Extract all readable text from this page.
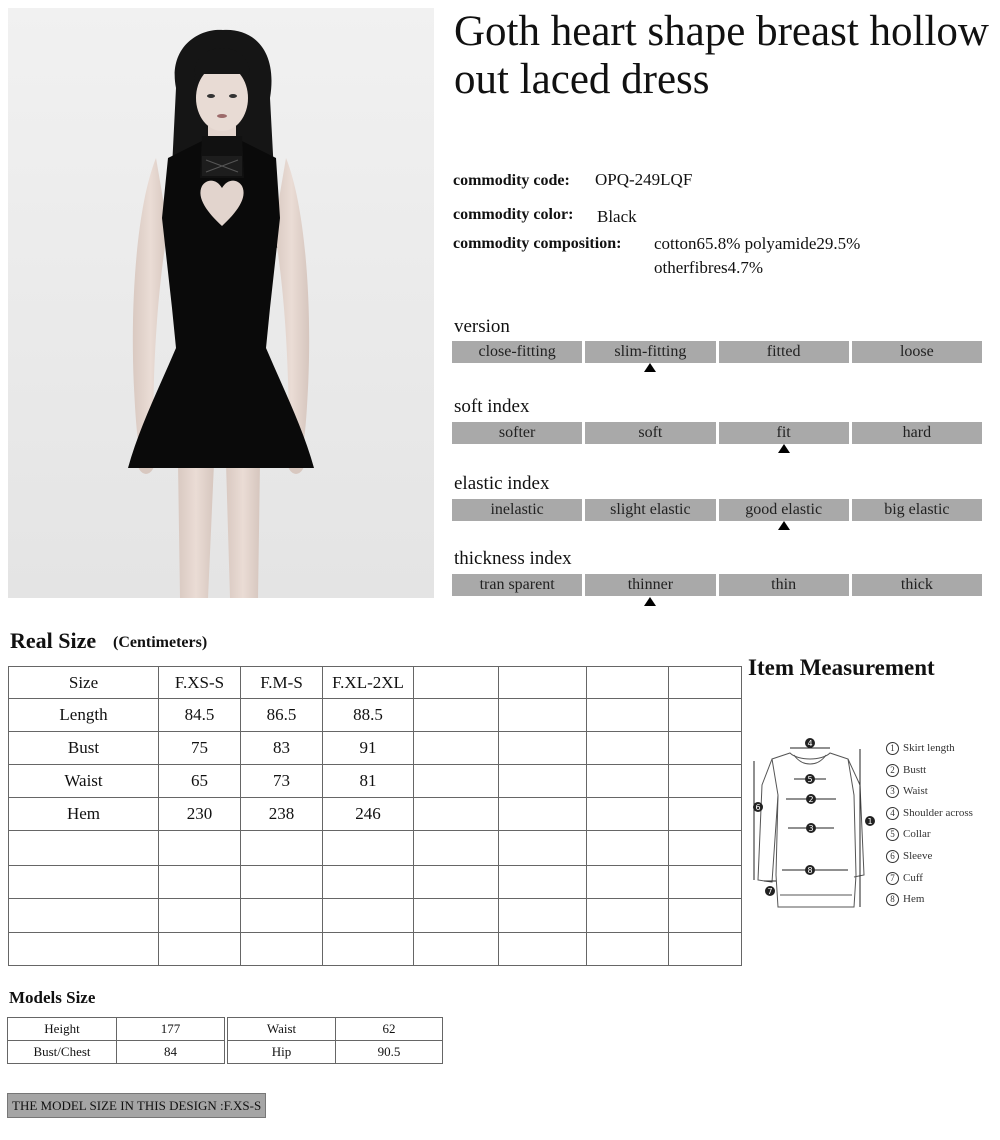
Goth heart shape breast hollow out laced dress
commodity code: OPQ-249LQF
commodity color: Black
commodity composition: cotton65.8% polyamide29.5%
otherfibres4.7%
version
close-fitting	slim-fitting	fitted	loose
soft index
softer	soft	fit	hard
elastic index
inelastic	slight elastic	good elastic	big elastic
thickness index
tran sparent	thinner	thin	thick
Real Size (Centimeters)
Size	F.XS-S	F.M-S	F.XL-2XL				
Length	84.5	86.5	88.5				
Bust	75	83	91				
Waist	65	73	81				
Hem	230	238	246				

Item Measurement
4
5
2
3
8
7
1
6
1 Skirt length
2 Bustt
3 Waist
4 Shoulder across
5 Collar
6 Sleeve
7 Cuff
8 Hem
Models Size
Height	177
Bust/Chest	84
Waist	62
Hip	90.5
THE MODEL SIZE IN THIS DESIGN :F.XS-S
